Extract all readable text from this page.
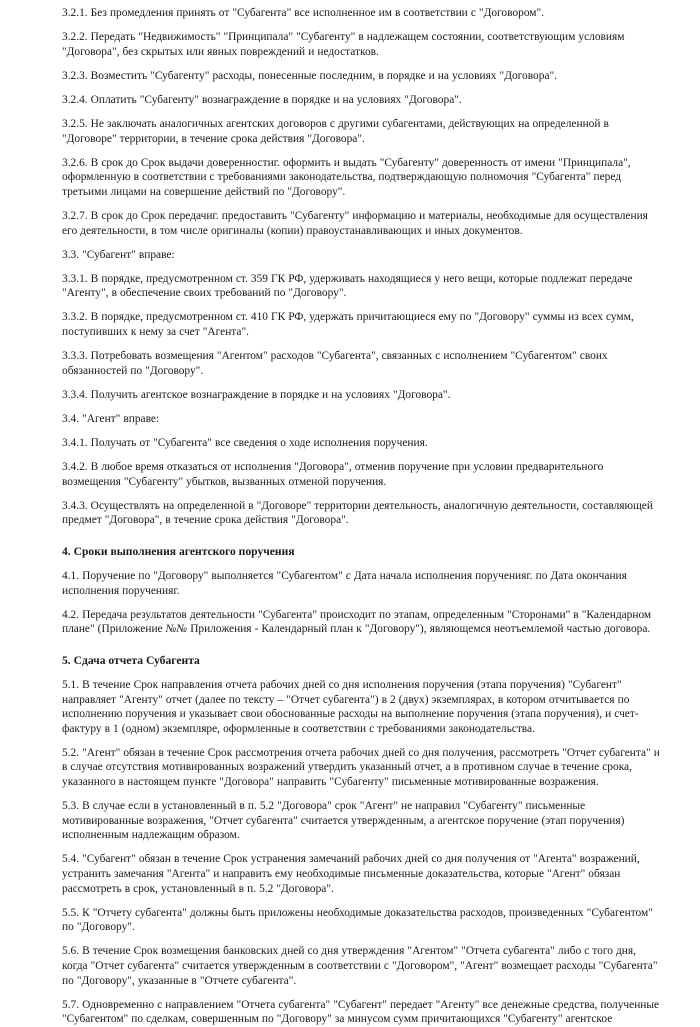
3.2.1. Без промедления принять от "Субагента" все исполненное им в соответствии с "Договором".

3.2.2. Передать "Недвижимость" "Принципала" "Субагенту" в надлежащем состоянии, соответствующим условиям "Договора", без скрытых или явных повреждений и недостатков.

3.2.3. Возместить "Субагенту" расходы, понесенные последним, в порядке и на условиях "Договора".

3.2.4. Оплатить "Субагенту" вознаграждение в порядке и на условиях "Договора".

3.2.5. Не заключать аналогичных агентских договоров с другими субагентами, действующих на определенной в "Договоре" территории, в течение срока действия "Договора".

3.2.6. В срок до Срок выдачи доверенностиг. оформить и выдать "Субагенту" доверенность от имени "Принципала", оформленную в соответствии с требованиями законодательства, подтверждающую полномочия "Субагента" перед третьими лицами на совершение действий по "Договору".

3.2.7. В срок до Срок передачиг. предоставить "Субагенту" информацию и материалы, необходимые для осуществления его деятельности, в том числе оригиналы (копии) правоустанавливающих и иных документов.

3.3. "Субагент" вправе:

3.3.1. В порядке, предусмотренном ст. 359 ГК РФ, удерживать находящиеся у него вещи, которые подлежат передаче "Агенту", в обеспечение своих требований по "Договору".

3.3.2. В порядке, предусмотренном ст. 410 ГК РФ, удержать причитающиеся ему по "Договору" суммы из всех сумм, поступивших к нему за счет "Агента".

3.3.3. Потребовать возмещения "Агентом" расходов "Субагента", связанных с исполнением "Субагентом" своих обязанностей по "Договору".

3.3.4. Получить агентское вознаграждение в порядке и на условиях "Договора".

3.4. "Агент" вправе:

3.4.1. Получать от "Субагента" все сведения о ходе исполнения поручения.

3.4.2. В любое время отказаться от исполнения "Договора", отменив поручение при условии предварительного возмещения "Субагенту" убытков, вызванных отменой поручения.

3.4.3. Осуществлять на определенной в "Договоре" территории деятельность, аналогичную деятельности, составляющей предмет "Договора", в течение срока действия "Договора".

4. Сроки выполнения агентского поручения

4.1. Поручение по "Договору" выполняется "Субагентом" с Дата начала исполнения порученияг. по Дата окончания исполнения порученияг.

4.2. Передача результатов деятельности "Субагента" происходит по этапам, определенным "Сторонами" в "Календарном плане" (Приложение №№ Приложения - Календарный план к "Договору"), являющемся неотъемлемой частью договора.

5. Сдача отчета Субагента

5.1. В течение Срок направления отчета рабочих дней со дня исполнения поручения (этапа поручения) "Субагент" направляет "Агенту" отчет (далее по тексту – "Отчет субагента") в 2 (двух) экземплярах, в котором отчитывается по исполнению поручения и указывает свои обоснованные расходы на выполнение поручения (этапа поручения), и счет-фактуру в 1 (одном) экземпляре, оформленные в соответствии с требованиями законодательства.

5.2. "Агент" обязан в течение Срок рассмотрения отчета рабочих дней со дня получения, рассмотреть "Отчет субагента" и в случае отсутствия мотивированных возражений утвердить указанный отчет, а в противном случае в течение срока, указанного в настоящем пункте "Договора" направить "Субагенту" письменные мотивированные возражения.

5.3. В случае если в установленный в п. 5.2 "Договора" срок "Агент" не направил "Субагенту" письменные мотивированные возражения, "Отчет субагента" считается утвержденным, а агентское поручение (этап поручения) исполненным надлежащим образом.

5.4. "Субагент" обязан в течение Срок устранения замечаний рабочих дней со дня получения от "Агента" возражений, устранить замечания "Агента" и направить ему необходимые письменные доказательства, которые "Агент" обязан рассмотреть в срок, установленный в п. 5.2 "Договора".

5.5. К "Отчету субагента" должны быть приложены необходимые доказательства расходов, произведенных "Субагентом" по "Договору".

5.6. В течение Срок возмещения банковских дней со дня утверждения "Агентом" "Отчета субагента" либо с того дня, когда "Отчет субагента" считается утвержденным в соответствии с "Договором", "Агент" возмещает расходы "Субагента" по "Договору", указанные в "Отчете субагента".

5.7. Одновременно с направлением "Отчета субагента" "Субагент" передает "Агенту" все денежные средства, полученные "Субагентом" по сделкам, совершенным по "Договору" за минусом сумм причитающихся "Субагенту" агентское
